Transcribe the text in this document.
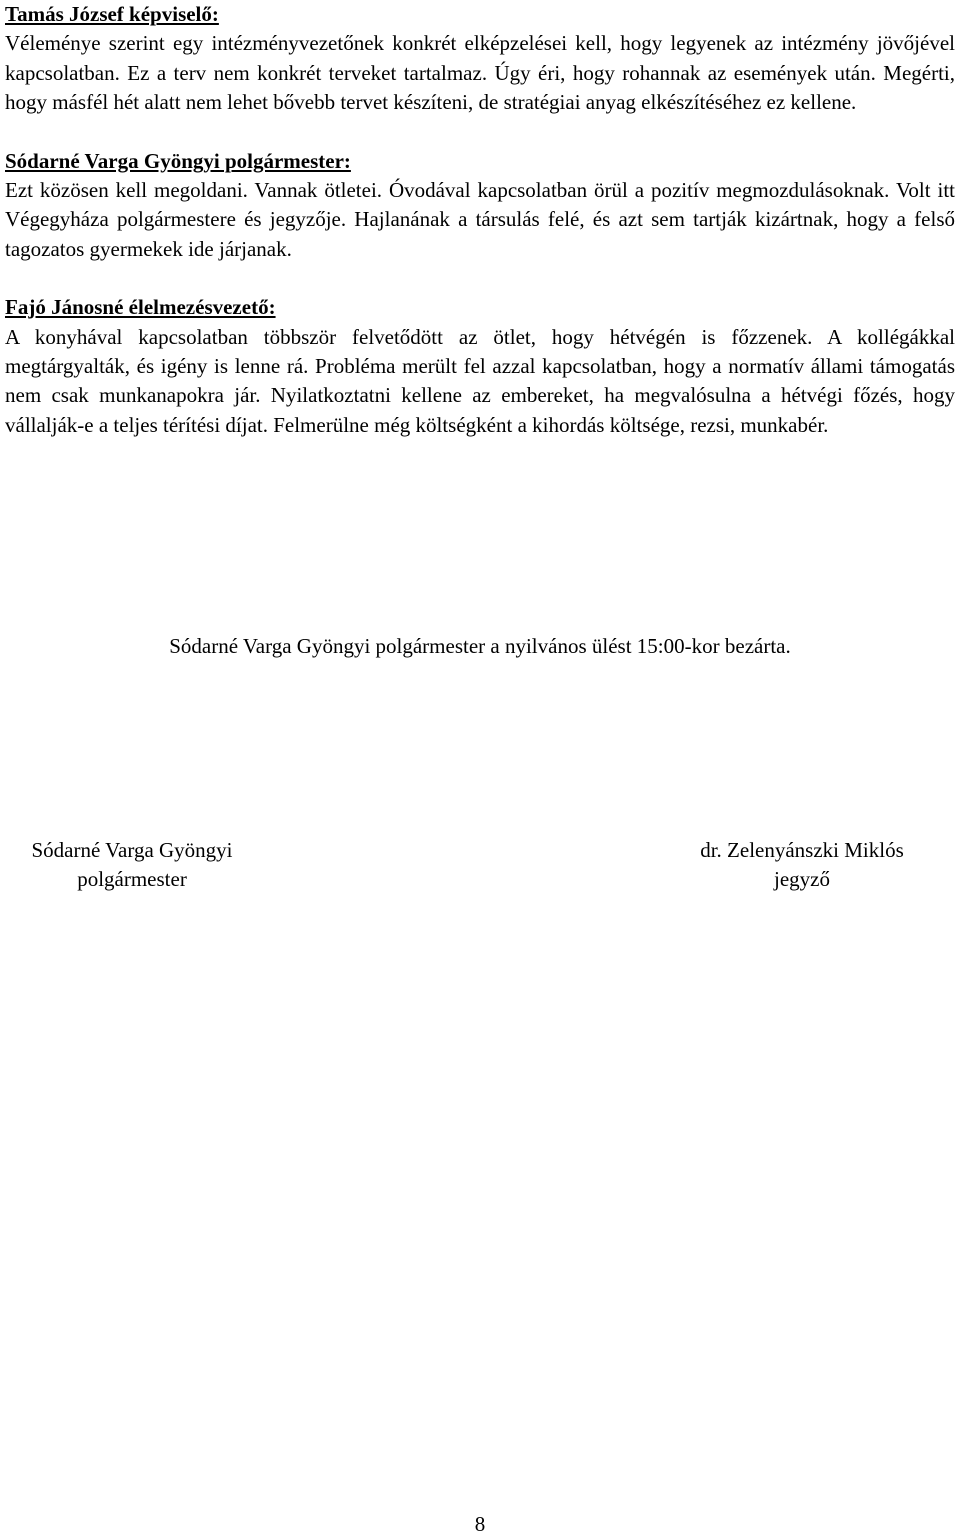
Tamás József képviselő:
Véleménye szerint egy intézményvezetőnek konkrét elképzelései kell, hogy legyenek az intézmény jövőjével kapcsolatban. Ez a terv nem konkrét terveket tartalmaz. Úgy éri, hogy rohannak az események után. Megérti, hogy másfél hét alatt nem lehet bővebb tervet készíteni, de stratégiai anyag elkészítéséhez ez kellene.
Sódarné Varga Gyöngyi polgármester:
Ezt közösen kell megoldani. Vannak ötletei. Óvodával kapcsolatban örül a pozitív megmozdulásoknak. Volt itt Végegyháza polgármestere és jegyzője. Hajlanának a társulás felé, és azt sem tartják kizártnak, hogy a felső tagozatos gyermekek ide járjanak.
Fajó Jánosné élelmezésvezető:
A konyhával kapcsolatban többször felvetődött az ötlet, hogy hétvégén is főzzenek. A kollégákkal megtárgyalták, és igény is lenne rá. Probléma merült fel azzal kapcsolatban, hogy a normatív állami támogatás nem csak munkanapokra jár. Nyilatkoztatni kellene az embereket, ha megvalósulna a hétvégi főzés, hogy vállalják-e a teljes térítési díjat. Felmerülne még költségként a kihordás költsége, rezsi, munkabér.
Sódarné Varga Gyöngyi polgármester a nyilvános ülést 15:00-kor bezárta.
Sódarné Varga Gyöngyi
polgármester
dr. Zelenyánszki Miklós
jegyző
8
